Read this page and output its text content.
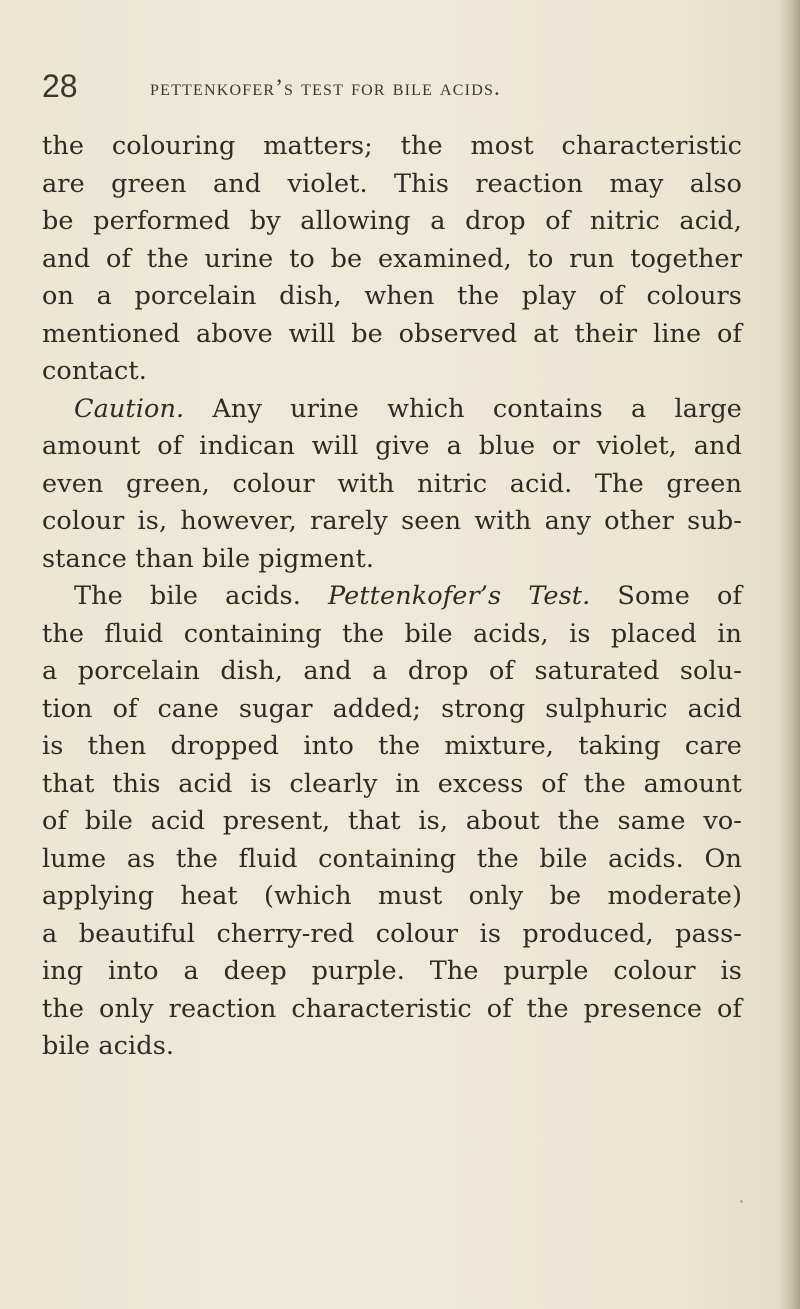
28	pettenkofer’s test for bile acids.
the colouring matters; the most characteristic
are green and violet. This reaction may also
be performed by allowing a drop of nitric acid,
and of the urine to be examined, to run together
on a porcelain dish, when the play of colours
mentioned above will be observed at their line of
contact.
Caution. Any urine which contains a large
amount of indican will give a blue or violet, and
even green, colour with nitric acid. The green
colour is, however, rarely seen with any other sub-
stance than bile pigment.
The bile acids. Pettenkofer’s Test. Some of
the fluid containing the bile acids, is placed in
a porcelain dish, and a drop of saturated solu-
tion of cane sugar added; strong sulphuric acid
is then dropped into the mixture, taking care
that this acid is clearly in excess of the amount
of bile acid present, that is, about the same vo-
lume as the fluid containing the bile acids. On
applying heat (which must only be moderate)
a beautiful cherry-red colour is produced, pass-
ing into a deep purple. The purple colour is
the only reaction characteristic of the presence of
bile acids.
